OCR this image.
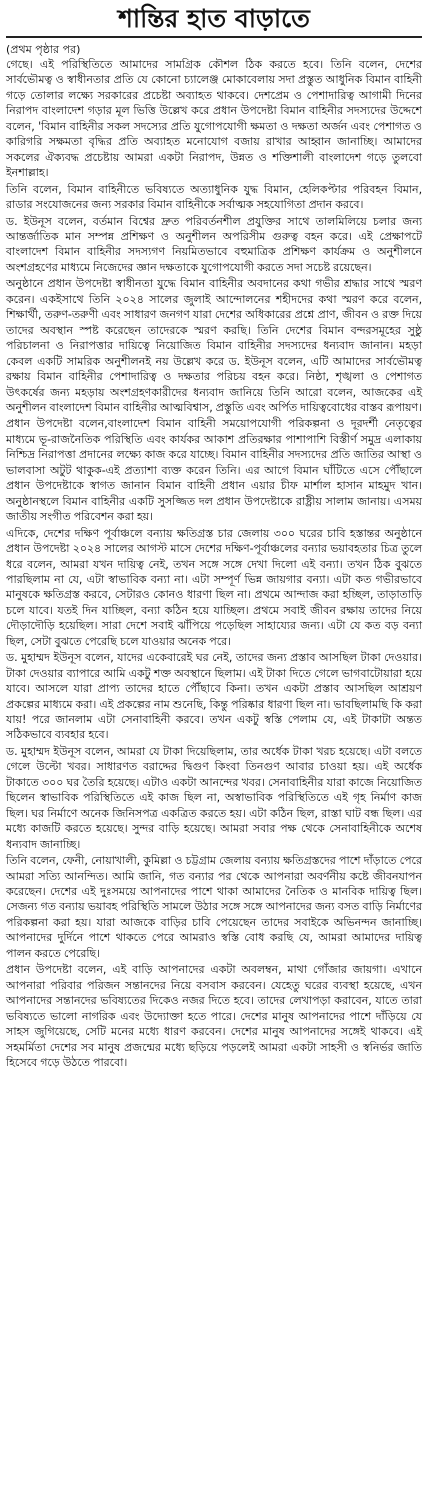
শান্তির হাত বাড়াতে
(প্রথম পৃষ্ঠার পর)

গেছে। এই পরিস্থিতিতে আমাদের সামগ্রিক কৌশল ঠিক করতে হবে। তিনি বলেন, দেশের সার্বভৌমত্ব ও স্বাধীনতার প্রতি যে কোনো চ্যালেঞ্জ মোকাবেলায় সদা প্রস্তুত আধুনিক বিমান বাহিনী গড়ে তোলার লক্ষ্যে সরকারের প্রচেষ্টা অব্যাহত থাকবে। দেশপ্রেম ও পেশাদারিত্ব আগামী দিনের নিরাপদ বাংলাদেশ গড়ার মূল ভিত্তি উল্লেখ করে প্রধান উপদেষ্টা বিমান বাহিনীর সদস্যদের উদ্দেশে বলেন, 'বিমান বাহিনীর সকল সদস্যের প্রতি যুগোপযোগী ক্ষমতা ও দক্ষতা অর্জন এবং পেশাগত ও কারিগরি সক্ষমতা বৃদ্ধির প্রতি অব্যাহত মনোযোগ বজায় রাখার আহ্বান জানাচ্ছি। আমাদের সকলের ঐক্যবদ্ধ প্রচেষ্টায় আমরা একটা নিরাপদ, উন্নত ও শক্তিশালী বাংলাদেশ গড়ে তুলবো ইনশাল্লাহ।

তিনি বলেন, বিমান বাহিনীতে ভবিষ্যতে অত্যাধুনিক যুদ্ধ বিমান, হেলিকপ্টার পরিবহন বিমান, রাডার সংযোজনের জন্য সরকার বিমান বাহিনীকে সর্বাত্মক সহযোগিতা প্রদান করবে।

ড. ইউনূস বলেন, বর্তমান বিশ্বের দ্রুত পরিবর্তনশীল প্রযুক্তির সাথে তালমিলিয়ে চলার জন্য আন্তর্জাতিক মান সম্পন্ন প্রশিক্ষণ ও অনুশীলন অপরিসীম গুরুত্ব বহন করে। এই প্রেক্ষাপটে বাংলাদেশ বিমান বাহিনীর সদস্যগণ নিয়মিতভাবে বহুমাত্রিক প্রশিক্ষণ কার্যক্রম ও অনুশীলনে অংশগ্রহণের মাধ্যমে নিজেদের জ্ঞান দক্ষতাকে যুগোপযোগী করতে সদা সচেষ্ট রয়েছেন।

অনুষ্ঠানে প্রধান উপদেষ্টা স্বাধীনতা যুদ্ধে বিমান বাহিনীর অবদানের কথা গভীর শ্রদ্ধার সাথে স্মরণ করেন। একইসাথে তিনি ২০২৪ সালের জুলাই আন্দোলনের শহীদদের কথা স্মরণ করে বলেন, শিক্ষার্থী, তরুণ-তরুণী এবং সাধারণ জনগণ যারা দেশের অধিকারের প্রশ্নে প্রাণ, জীবন ও রক্ত দিয়ে তাদের অবস্থান স্পষ্ট করেছেন তাদেরকে স্মরণ করছি। তিনি দেশের বিমান বন্দরসমূহের সুষ্ঠু পরিচালনা ও নিরাপত্তার দায়িত্বে নিয়োজিত বিমান বাহিনীর সদস্যদের ধন্যবাদ জানান। মহড়া কেবল একটি সামরিক অনুশীলনই নয় উল্লেখ করে ড. ইউনূস বলেন, এটি আমাদের সার্বভৌমত্ব রক্ষায় বিমান বাহিনীর পেশাদারিত্ব ও দক্ষতার পরিচয় বহন করে। নিষ্ঠা, শৃঙ্খলা ও পেশাগত উৎকর্ষের জন্য মহড়ায় অংশগ্রহণকারীদের ধন্যবাদ জানিয়ে তিনি আরো বলেন, আজকের এই অনুশীলন বাংলাদেশ বিমান বাহিনীর আত্মবিশ্বাস, প্রস্তুতি এবং অর্পিত দায়িত্ববোধের বাস্তব রূপায়ণ।

প্রধান উপদেষ্টা বলেন,বাংলাদেশ বিমান বাহিনী সময়োপযোগী পরিকল্পনা ও দূরদর্শী নেতৃত্বের মাধ্যমে ভূ-রাজনৈতিক পরিস্থিতি এবং কার্যকর আকাশ প্রতিরক্ষার পাশাপাশি বিস্তীর্ণ সমুদ্র এলাকায় নিশ্চিদ্র নিরাপত্তা প্রদানের লক্ষ্যে কাজ করে যাচ্ছে। বিমান বাহিনীর সদস্যদের প্রতি জাতির আস্থা ও ভালবাসা অটুট থাকুক-এই প্রত্যাশা ব্যক্ত করেন তিনি। এর আগে বিমান ঘাঁটিতে এসে পৌঁছালে প্রধান উপদেষ্টাকে স্বাগত জানান বিমান বাহিনী প্রধান এয়ার চীফ মার্শাল হাসান মাহমুদ খান। অনুষ্ঠানস্থলে বিমান বাহিনীর একটি সুসজ্জিত দল প্রধান উপদেষ্টাকে রাষ্ট্রীয় সালাম জানায়। এসময় জাতীয় সংগীত পরিবেশন করা হয়।

এদিকে, দেশের দক্ষিণ পূর্বাঞ্চলে বন্যায় ক্ষতিগ্রস্ত চার জেলায় ৩০০ ঘরের চাবি হস্তান্তর অনুষ্ঠানে প্রধান উপদেষ্টা ২০২৪ সালের আগস্ট মাসে দেশের দক্ষিণ-পূর্বাঞ্চলের বন্যার ভয়াবহতার চিত্র তুলে ধরে বলেন, আমরা যখন দায়িত্ব নেই, তখন সঙ্গে সঙ্গে দেখা দিলো এই বন্যা। তখন ঠিক বুঝতে পারছিলাম না যে, এটা স্বাভাবিক বন্যা না। এটা সম্পূর্ণ ভিন্ন জায়গার বন্যা। এটা কত গভীরভাবে মানুষকে ক্ষতিগ্রস্ত করবে, সেটারও কোনও ধারণা ছিল না। প্রথমে আন্দাজ করা হচ্ছিল, তাড়াতাড়ি চলে যাবে। যতই দিন যাচ্ছিল, বন্যা কঠিন হয়ে যাচ্ছিল। প্রথমে সবাই জীবন রক্ষায় তাদের নিয়ে দৌড়াদৌড়ি হয়েছিল। সারা দেশে সবাই ঝাঁপিয়ে পড়েছিল সাহায্যের জন্য। এটা যে কত বড় বন্যা ছিল, সেটা বুঝতে পেরেছি চলে যাওয়ার অনেক পরে।

ড. মুহাম্মদ ইউনূস বলেন, যাদের একেবারেই ঘর নেই, তাদের জন্য প্রস্তাব আসছিল টাকা দেওয়ার। টাকা দেওয়ার ব্যাপারে আমি একটু শক্ত অবস্থানে ছিলাম। এই টাকা দিতে গেলে ভাগবাটোয়ারা হয়ে যাবে। আসলে যারা প্রাপ্য তাদের হাতে পৌঁছাবে কিনা। তখন একটা প্রস্তাব আসছিল আশ্রয়ণ প্রকল্পের মাধ্যমে করা। এই প্রকল্পের নাম শুনেছি, কিন্তু পরিষ্কার ধারণা ছিল না। ভাবছিলামছি কি করা যায়! পরে জানলাম এটা সেনাবাহিনী করবে। তখন একটু স্বস্তি পেলাম যে, এই টাকাটা অন্তত সঠিকভাবে ব্যবহার হবে।

ড. মুহাম্মদ ইউনূস বলেন, আমরা যে টাকা দিয়েছিলাম, তার অর্ধেক টাকা খরচ হয়েছে। এটা বলতে গেলে উল্টো খবর। সাধারণত বরাদ্দের দ্বিগুণ কিংবা তিনগুণ আবার চাওয়া হয়। এই অর্ধেক টাকাতে ৩০০ ঘর তৈরি হয়েছে। এটাও একটা আনন্দের খবর। সেনাবাহিনীর যারা কাজে নিয়োজিত ছিলেন স্বাভাবিক পরিস্থিতিতে এই কাজ ছিল না, অস্বাভাবিক পরিস্থিতিতে এই গৃহ নির্মাণ কাজ ছিল। ঘর নির্মাণে অনেক জিনিসপত্র একত্রিত করতে হয়। এটা কঠিন ছিল, রাস্তা ঘাট বন্ধ ছিল। এর মধ্যে কাজটি করতে হয়েছে। সুন্দর বাড়ি হয়েছে। আমরা সবার পক্ষ থেকে সেনাবাহিনীকে অশেষ ধন্যবাদ জানাচ্ছি।

তিনি বলেন, ফেনী, নোয়াখালী, কুমিল্লা ও চট্টগ্রাম জেলায় বন্যায় ক্ষতিগ্রস্তদের পাশে দাঁড়াতে পেরে আমরা সত্যি আনন্দিত। আমি জানি, গত বন্যার পর থেকে আপনারা অবর্ণনীয় কষ্টে জীবনযাপন করেছেন। দেশের এই দুঃসময়ে আপনাদের পাশে থাকা আমাদের নৈতিক ও মানবিক দায়িত্ব ছিল। সেজন্য গত বন্যায় ভয়াবহ পরিস্থিতি সামলে উঠার সঙ্গে সঙ্গে আপনাদের জন্য বসত বাড়ি নির্মাণের পরিকল্পনা করা হয়। যারা আজকে বাড়ির চাবি পেয়েছেন তাদের সবাইকে অভিনন্দন জানাচ্ছি। আপনাদের দুর্দিনে পাশে থাকতে পেরে আমরাও স্বস্তি বোধ করছি যে, আমরা আমাদের দায়িত্ব পালন করতে পেরেছি।

প্রধান উপদেষ্টা বলেন, এই বাড়ি আপনাদের একটা অবলম্বন, মাথা গোঁজার জায়গা। এখানে আপনারা পরিবার পরিজন সন্তানদের নিয়ে বসবাস করবেন। যেহেতু ঘরের ব্যবস্থা হয়েছে, এখন আপনাদের সন্তানদের ভবিষ্যতের দিকেও নজর দিতে হবে। তাদের লেখাপড়া করাবেন, যাতে তারা ভবিষ্যতে ভালো নাগরিক এবং উদ্যোক্তা হতে পারে। দেশের মানুষ আপনাদের পাশে দাঁড়িয়ে যে সাহস জুগিয়েছে, সেটি মনের মধ্যে ধারণ করবেন। দেশের মানুষ আপনাদের সঙ্গেই থাকবে। এই সহমর্মিতা দেশের সব মানুষ প্রজন্মের মধ্যে ছড়িয়ে পড়লেই আমরা একটা সাহসী ও স্বনির্ভর জাতি হিসেবে গড়ে উঠতে পারবো।
